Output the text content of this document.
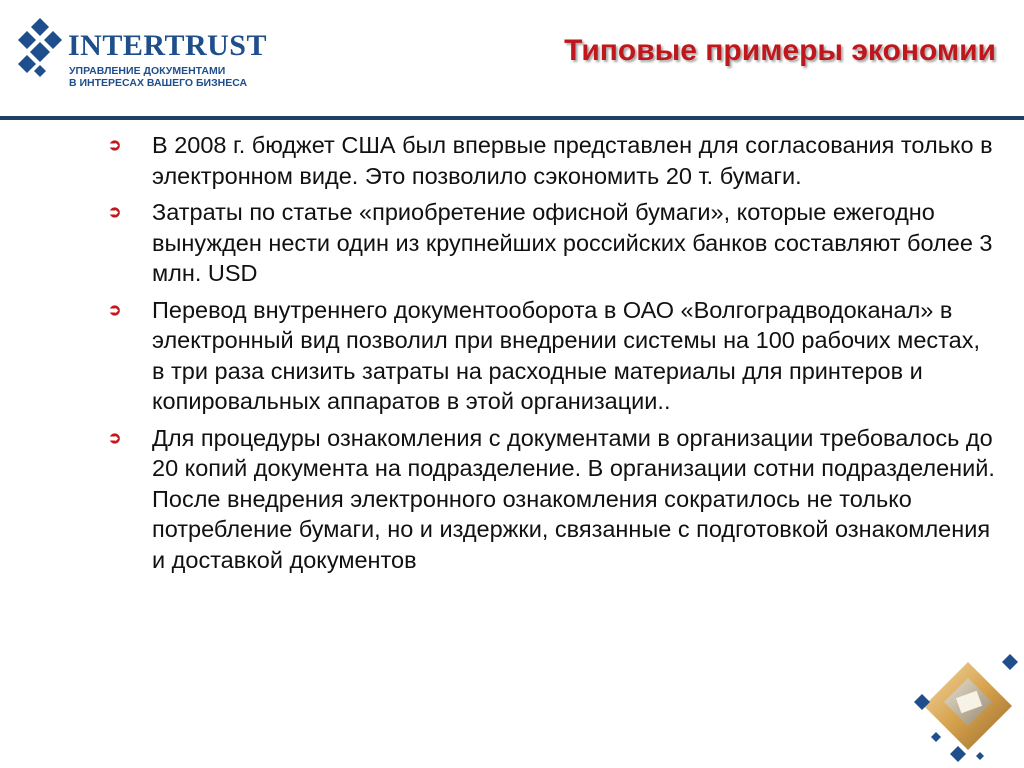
INTERTRUST
УПРАВЛЕНИЕ ДОКУМЕНТАМИ
В ИНТЕРЕСАХ ВАШЕГО БИЗНЕСА
Типовые примеры экономии
➲	В 2008 г. бюджет США был впервые представлен для согласования только в электронном виде. Это позволило сэкономить 20 т. бумаги.
➲	Затраты по статье «приобретение офисной бумаги», которые ежегодно вынужден нести один из крупнейших российских банков составляют более 3 млн. USD
➲	Перевод внутреннего документооборота в ОАО «Волгоградводоканал» в электронный вид позволил при внедрении системы на 100 рабочих местах, в три раза снизить затраты на расходные материалы для принтеров и копировальных аппаратов в этой организации..
➲	Для процедуры ознакомления с документами в организации требовалось до 20 копий документа на подразделение. В организации сотни подразделений. После внедрения электронного ознакомления сократилось не только потребление бумаги, но и издержки, связанные с подготовкой ознакомления и доставкой документов
